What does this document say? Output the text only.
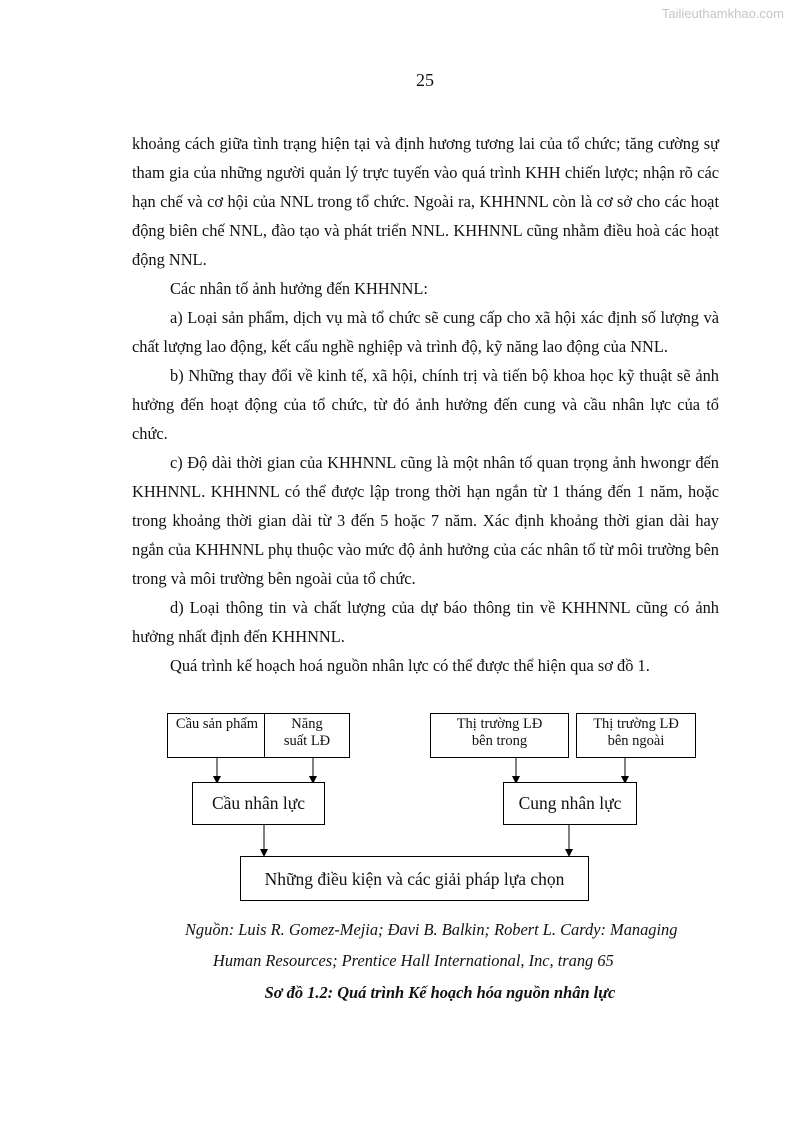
Tailieuthamkhao.com
25

khoảng cách giữa tình trạng hiện tại và định hương tương lai của tổ chức; tăng cường sự tham gia của những người quản lý trực tuyến vào quá trình KHH chiến lược; nhận rõ các hạn chế và cơ hội của NNL trong tổ chức. Ngoài ra, KHHNNL còn là cơ sở cho các hoạt động biên chế NNL, đào tạo và phát triển NNL. KHHNNL cũng nhằm điều hoà các hoạt động NNL.

Các nhân tố ảnh hưởng đến KHHNNL:

a) Loại sản phẩm, dịch vụ mà tổ chức sẽ cung cấp cho xã hội xác định số lượng và chất lượng lao động, kết cấu nghề nghiệp và trình độ, kỹ năng lao động của NNL.

b) Những thay đổi về kinh tế, xã hội, chính trị và tiến bộ khoa học kỹ thuật sẽ ảnh hưởng đến hoạt động của tổ chức, từ đó ảnh hưởng đến cung và cầu nhân lực của tổ chức.

c) Độ dài thời gian của KHHNNL cũng là một nhân tố quan trọng ảnh hwongr đến KHHNNL. KHHNNL có thể được lập trong thời hạn ngắn từ 1 tháng đến 1 năm, hoặc trong khoảng thời gian dài từ 3 đến 5 hoặc 7 năm. Xác định khoảng thời gian dài hay ngắn của KHHNNL phụ thuộc vào mức độ ảnh hưởng của các nhân tố từ môi trường bên trong và môi trường bên ngoài của tổ chức.

d) Loại thông tin và chất lượng của dự báo thông tin về KHHNNL cũng có ảnh hưởng nhất định đến KHHNNL.

Quá trình kế hoạch hoá nguồn nhân lực có thể được thể hiện qua sơ đồ 1.

Cầu sản phẩm	Năng suất LĐ
Thị trường LĐ bên trong
Thị trường LĐ bên ngoài
Cầu nhân lực	Cung nhân lực
Những điều kiện và các giải pháp lựa chọn
Nguồn: Luis R. Gomez-Mejia; Đavi B. Balkin; Robert L. Cardy: Managing
Human Resources; Prentice Hall International, Inc, trang 65
Sơ đồ 1.2: Quá trình Kế hoạch hóa nguồn nhân lực
